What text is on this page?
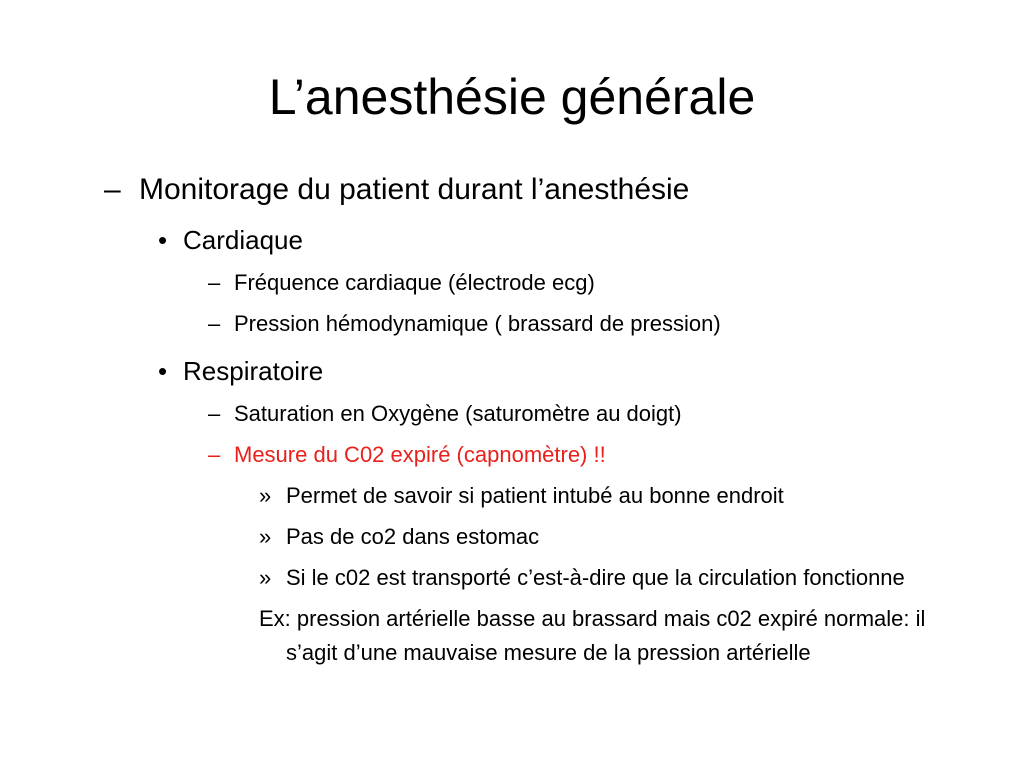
L’anesthésie générale
– Monitorage du patient durant l’anesthésie
• Cardiaque
– Fréquence cardiaque (électrode ecg)
– Pression hémodynamique ( brassard de pression)
• Respiratoire
– Saturation en Oxygène (saturomètre au doigt)
– Mesure du C02 expiré (capnomètre) !!
» Permet de savoir si patient intubé au bonne endroit
» Pas de co2 dans estomac
» Si le c02 est transporté c’est-à-dire que la circulation fonctionne
Ex: pression artérielle basse au brassard mais c02 expiré normale: il s’agit d’une mauvaise mesure de la pression artérielle
